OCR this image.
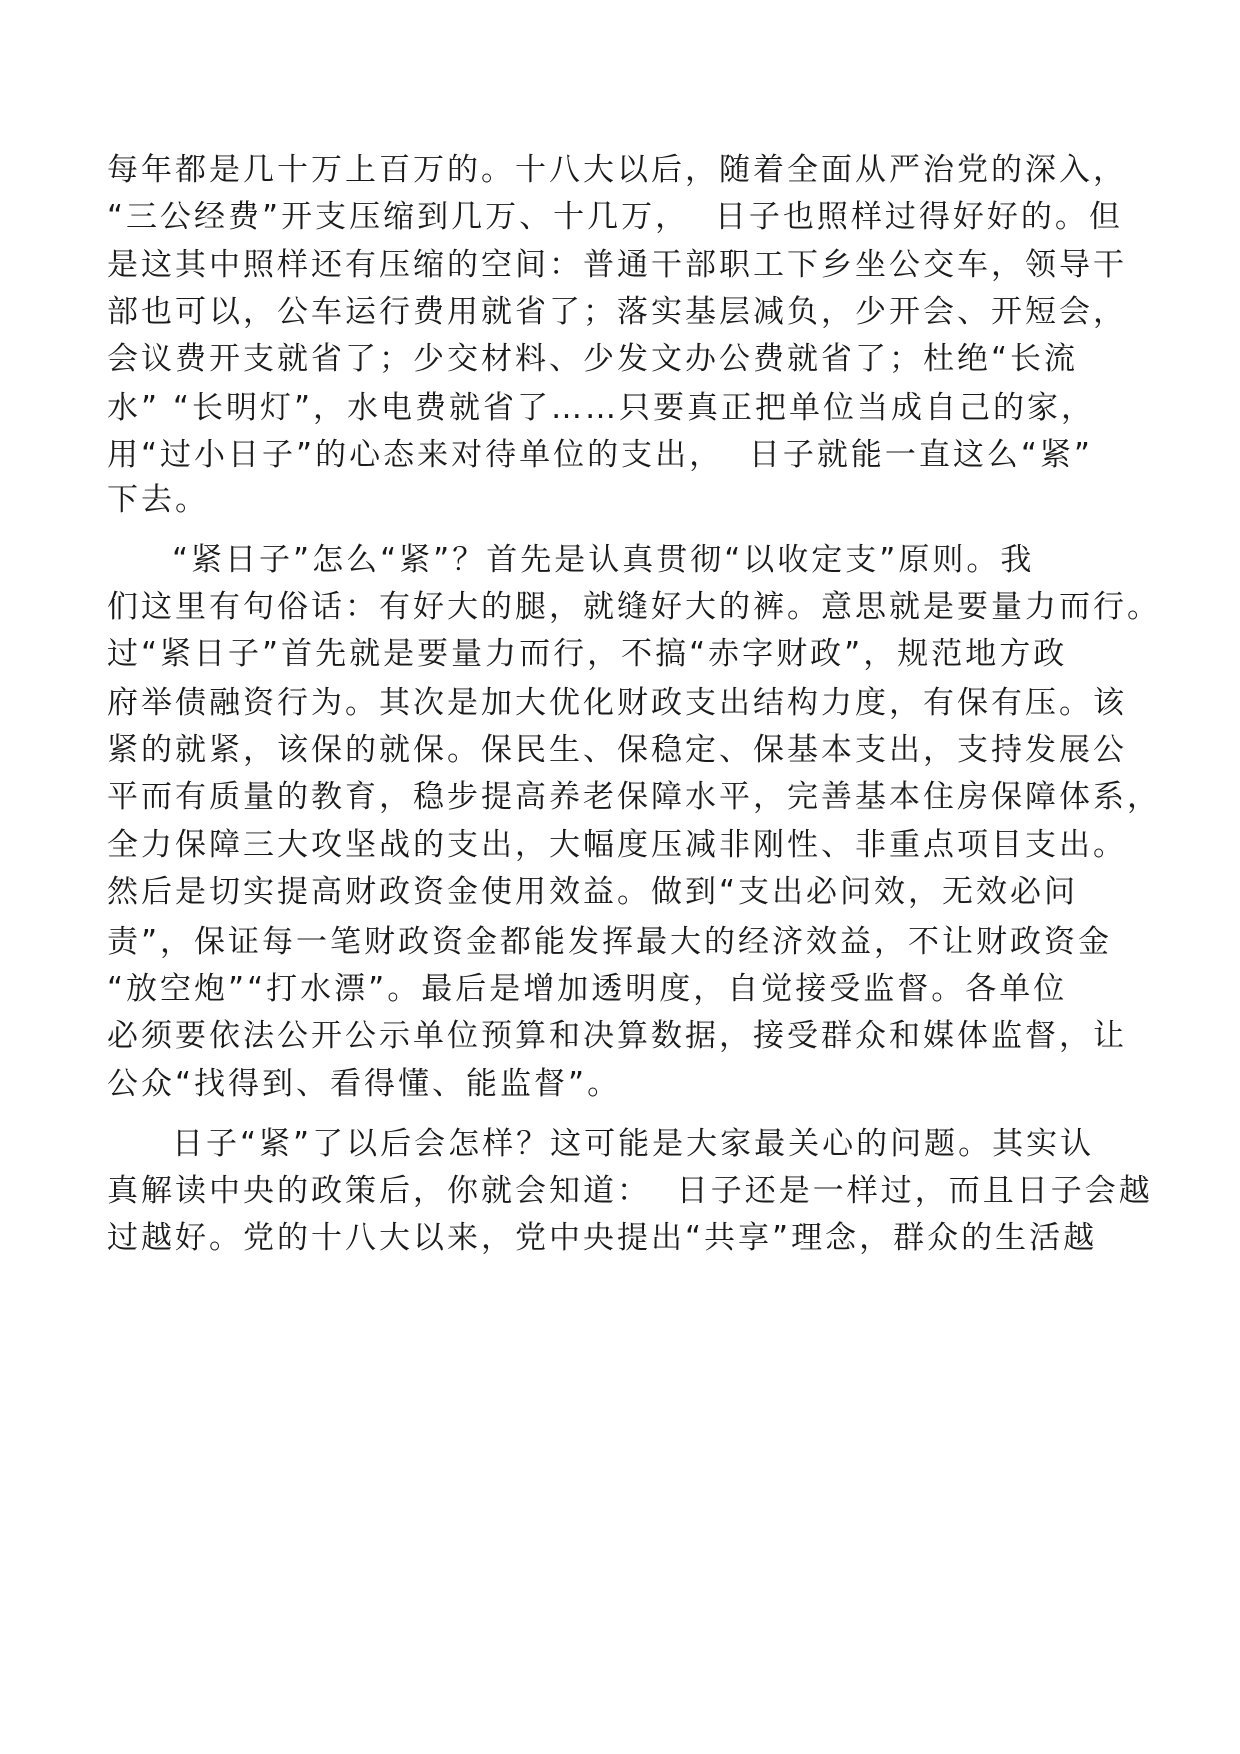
每年都是几十万上百万的。十八大以后，随着全面从严治党的深入，
“三公经费”开支压缩到几万、十几万，  日子也照样过得好好的。但
是这其中照样还有压缩的空间：普通干部职工下乡坐公交车，领导干
部也可以，公车运行费用就省了；落实基层减负，少开会、开短会，
会议费开支就省了；少交材料、少发文办公费就省了；杜绝“长流
水” “长明灯”，水电费就省了……只要真正把单位当成自己的家，
用“过小日子”的心态来对待单位的支出，  日子就能一直这么“紧”
下去。
“紧日子”怎么“紧”？首先是认真贯彻“以收定支”原则。我
们这里有句俗话：有好大的腿，就缝好大的裤。意思就是要量力而行。
过“紧日子”首先就是要量力而行，不搞“赤字财政”，规范地方政
府举债融资行为。其次是加大优化财政支出结构力度，有保有压。该
紧的就紧，该保的就保。保民生、保稳定、保基本支出，支持发展公
平而有质量的教育，稳步提高养老保障水平，完善基本住房保障体系，
全力保障三大攻坚战的支出，大幅度压减非刚性、非重点项目支出。
然后是切实提高财政资金使用效益。做到“支出必问效，无效必问
责”，保证每一笔财政资金都能发挥最大的经济效益，不让财政资金
“放空炮”“打水漂”。最后是增加透明度，自觉接受监督。各单位
必须要依法公开公示单位预算和决算数据，接受群众和媒体监督，让
公众“找得到、看得懂、能监督”。
日子“紧”了以后会怎样？这可能是大家最关心的问题。其实认
真解读中央的政策后，你就会知道：  日子还是一样过，而且日子会越
过越好。党的十八大以来，党中央提出“共享”理念，群众的生活越
